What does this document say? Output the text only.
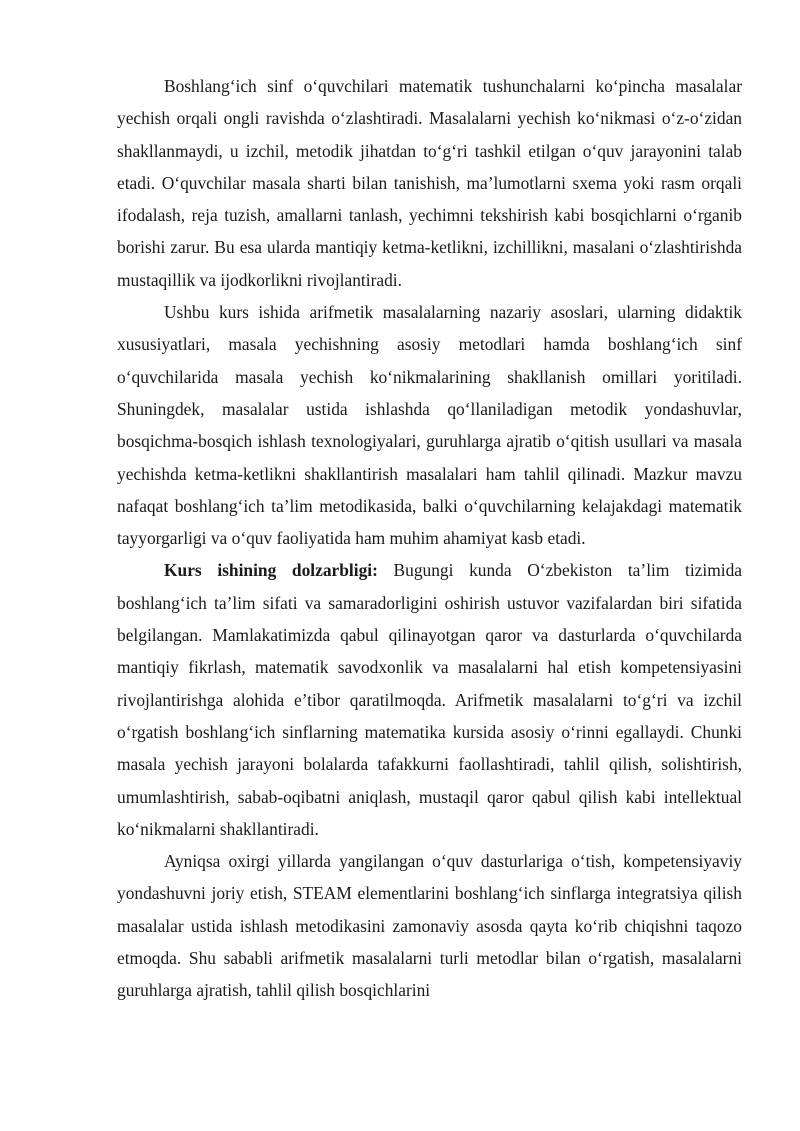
Boshlang‘ich sinf o‘quvchilari matematik tushunchalarni ko‘pincha masalalar yechish orqali ongli ravishda o‘zlashtiradi. Masalalarni yechish ko‘nikmasi o‘z-o‘zidan shakllanmaydi, u izchil, metodik jihatdan to‘g‘ri tashkil etilgan o‘quv jarayonini talab etadi. O‘quvchilar masala sharti bilan tanishish, ma’lumotlarni sxema yoki rasm orqali ifodalash, reja tuzish, amallarni tanlash, yechimni tekshirish kabi bosqichlarni o‘rganib borishi zarur. Bu esa ularda mantiqiy ketma-ketlikni, izchillikni, masalani o‘zlashtirishda mustaqillik va ijodkorlikni rivojlantiradi.

Ushbu kurs ishida arifmetik masalalarning nazariy asoslari, ularning didaktik xususiyatlari, masala yechishning asosiy metodlari hamda boshlang‘ich sinf o‘quvchilarida masala yechish ko‘nikmalarining shakllanish omillari yoritiladi. Shuningdek, masalalar ustida ishlashda qo‘llaniladigan metodik yondashuvlar, bosqichma-bosqich ishlash texnologiyalari, guruhlarga ajratib o‘qitish usullari va masala yechishda ketma-ketlikni shakllantirish masalalari ham tahlil qilinadi. Mazkur mavzu nafaqat boshlang‘ich ta’lim metodikasida, balki o‘quvchilarning kelajakdagi matematik tayyorgarligi va o‘quv faoliyatida ham muhim ahamiyat kasb etadi.

Kurs ishining dolzarbligi: Bugungi kunda O‘zbekiston ta’lim tizimida boshlang‘ich ta’lim sifati va samaradorligini oshirish ustuvor vazifalardan biri sifatida belgilangan. Mamlakatimizda qabul qilinayotgan qaror va dasturlarda o‘quvchilarda mantiqiy fikrlash, matematik savodxonlik va masalalarni hal etish kompetensiyasini rivojlantirishga alohida e’tibor qaratilmoqda. Arifmetik masalalarni to‘g‘ri va izchil o‘rgatish boshlang‘ich sinflarning matematika kursida asosiy o‘rinni egallaydi. Chunki masala yechish jarayoni bolalarda tafakkurni faollashtiradi, tahlil qilish, solishtirish, umumlashtirish, sabab-oqibatni aniqlash, mustaqil qaror qabul qilish kabi intellektual ko‘nikmalarni shakllantiradi.

Ayniqsa oxirgi yillarda yangilangan o‘quv dasturlariga o‘tish, kompetensiyaviy yondashuvni joriy etish, STEAM elementlarini boshlang‘ich sinflarga integratsiya qilish masalalar ustida ishlash metodikasini zamonaviy asosda qayta ko‘rib chiqishni taqozo etmoqda. Shu sababli arifmetik masalalarni turli metodlar bilan o‘rgatish, masalalarni guruhlarga ajratish, tahlil qilish bosqichlarini
